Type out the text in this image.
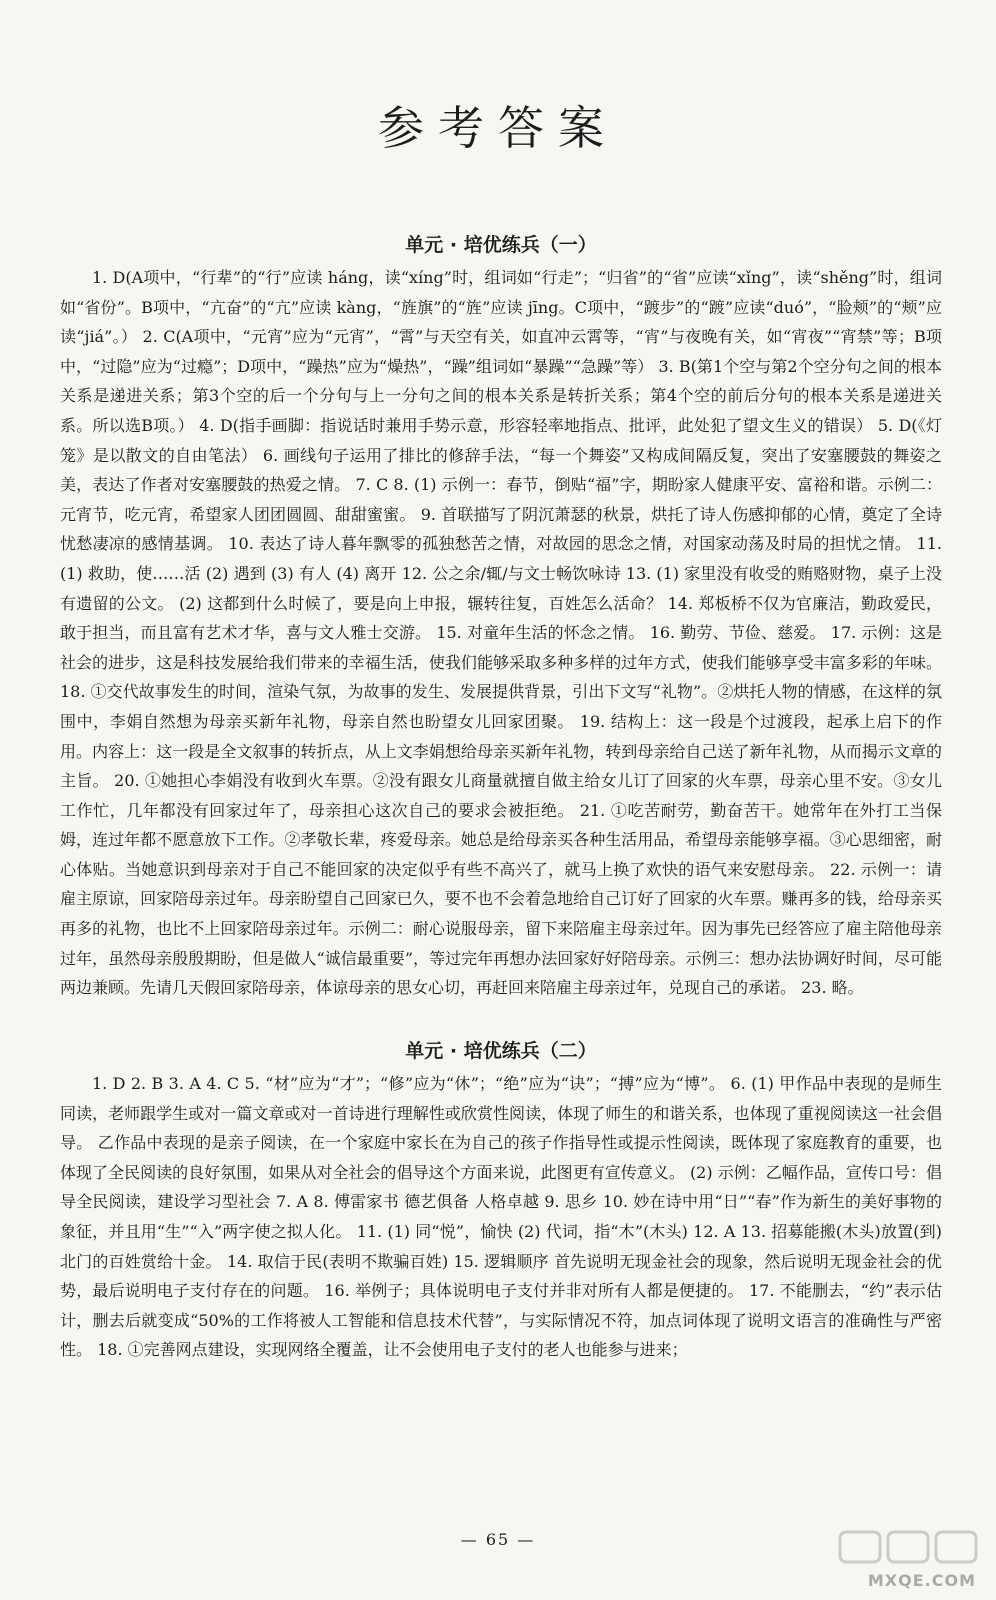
参考答案
单元 · 培优练兵（一）

1. D(A项中，“行辈”的“行”应读 háng，读“xíng”时，组词如“行走”；“归省”的“省”应读“xǐng”，读“shěng”时，组词如“省份”。B项中，“亢奋”的“亢”应读 kàng，“旌旗”的“旌”应读 jīng。C项中，“踱步”的“踱”应读“duó”，“脸颊”的“颊”应读“jiá”。） 2. C(A项中，“元宵”应为“元宵”，“霄”与天空有关，如直冲云霄等，“宵”与夜晚有关，如“宵夜”“宵禁”等；B项中，“过隐”应为“过瘾”；D项中，“躁热”应为“燥热”，“躁”组词如“暴躁”“急躁”等） 3. B(第1个空与第2个空分句之间的根本关系是递进关系；第3个空的后一个分句与上一分句之间的根本关系是转折关系；第4个空的前后分句的根本关系是递进关系。所以选B项。） 4. D(指手画脚：指说话时兼用手势示意，形容轻率地指点、批评，此处犯了望文生义的错误） 5. D(《灯笼》是以散文的自由笔法） 6. 画线句子运用了排比的修辞手法，“每一个舞姿”又构成间隔反复，突出了安塞腰鼓的舞姿之美，表达了作者对安塞腰鼓的热爱之情。 7. C 8. (1) 示例一：春节，倒贴“福”字，期盼家人健康平安、富裕和谐。示例二：元宵节，吃元宵，希望家人团团圆圆、甜甜蜜蜜。 9. 首联描写了阴沉萧瑟的秋景，烘托了诗人伤感抑郁的心情，奠定了全诗忧愁凄凉的感情基调。 10. 表达了诗人暮年飘零的孤独愁苦之情，对故园的思念之情，对国家动荡及时局的担忧之情。 11. (1) 救助，使……活 (2) 遇到 (3) 有人 (4) 离开 12. 公之余/辄/与文士畅饮咏诗 13. (1) 家里没有收受的贿赂财物，桌子上没有遗留的公文。 (2) 这都到什么时候了，要是向上申报，辗转往复，百姓怎么活命？ 14. 郑板桥不仅为官廉洁，勤政爱民，敢于担当，而且富有艺术才华，喜与文人雅士交游。 15. 对童年生活的怀念之情。 16. 勤劳、节俭、慈爱。 17. 示例：这是社会的进步，这是科技发展给我们带来的幸福生活，使我们能够采取多种多样的过年方式，使我们能够享受丰富多彩的年味。 18. ①交代故事发生的时间，渲染气氛，为故事的发生、发展提供背景，引出下文写“礼物”。②烘托人物的情感，在这样的氛围中，李娟自然想为母亲买新年礼物，母亲自然也盼望女儿回家团聚。 19. 结构上：这一段是个过渡段，起承上启下的作用。内容上：这一段是全文叙事的转折点，从上文李娟想给母亲买新年礼物，转到母亲给自己送了新年礼物，从而揭示文章的主旨。 20. ①她担心李娟没有收到火车票。②没有跟女儿商量就擅自做主给女儿订了回家的火车票，母亲心里不安。③女儿工作忙，几年都没有回家过年了，母亲担心这次自己的要求会被拒绝。 21. ①吃苦耐劳，勤奋苦干。她常年在外打工当保姆，连过年都不愿意放下工作。②孝敬长辈，疼爱母亲。她总是给母亲买各种生活用品，希望母亲能够享福。③心思细密，耐心体贴。当她意识到母亲对于自己不能回家的决定似乎有些不高兴了，就马上换了欢快的语气来安慰母亲。 22. 示例一：请雇主原谅，回家陪母亲过年。母亲盼望自己回家已久，要不也不会着急地给自己订好了回家的火车票。赚再多的钱，给母亲买再多的礼物，也比不上回家陪母亲过年。示例二：耐心说服母亲，留下来陪雇主母亲过年。因为事先已经答应了雇主陪他母亲过年，虽然母亲殷殷期盼，但是做人“诚信最重要”，等过完年再想办法回家好好陪母亲。示例三：想办法协调好时间，尽可能两边兼顾。先请几天假回家陪母亲，体谅母亲的思女心切，再赶回来陪雇主母亲过年，兑现自己的承诺。 23. 略。

单元 · 培优练兵（二）

1. D 2. B 3. A 4. C 5. “材”应为“才”；“修”应为“休”；“绝”应为“诀”；“搏”应为“博”。 6. (1) 甲作品中表现的是师生同读，老师跟学生或对一篇文章或对一首诗进行理解性或欣赏性阅读，体现了师生的和谐关系，也体现了重视阅读这一社会倡导。 乙作品中表现的是亲子阅读，在一个家庭中家长在为自己的孩子作指导性或提示性阅读，既体现了家庭教育的重要，也体现了全民阅读的良好氛围，如果从对全社会的倡导这个方面来说，此图更有宣传意义。 (2) 示例：乙幅作品，宣传口号：倡导全民阅读，建设学习型社会 7. A 8. 傅雷家书 德艺俱备 人格卓越 9. 思乡 10. 妙在诗中用“日”“春”作为新生的美好事物的象征，并且用“生”“入”两字使之拟人化。 11. (1) 同“悦”，愉快 (2) 代词，指“木”(木头) 12. A 13. 招募能搬(木头)放置(到)北门的百姓赏给十金。 14. 取信于民(表明不欺骗百姓) 15. 逻辑顺序 首先说明无现金社会的现象，然后说明无现金社会的优势，最后说明电子支付存在的问题。 16. 举例子；具体说明电子支付并非对所有人都是便捷的。 17. 不能删去，“约”表示估计，删去后就变成“50%的工作将被人工智能和信息技术代替”，与实际情况不符，加点词体现了说明文语言的准确性与严密性。 18. ①完善网点建设，实现网络全覆盖，让不会使用电子支付的老人也能参与进来；

— 65 —
MXQE.COM
